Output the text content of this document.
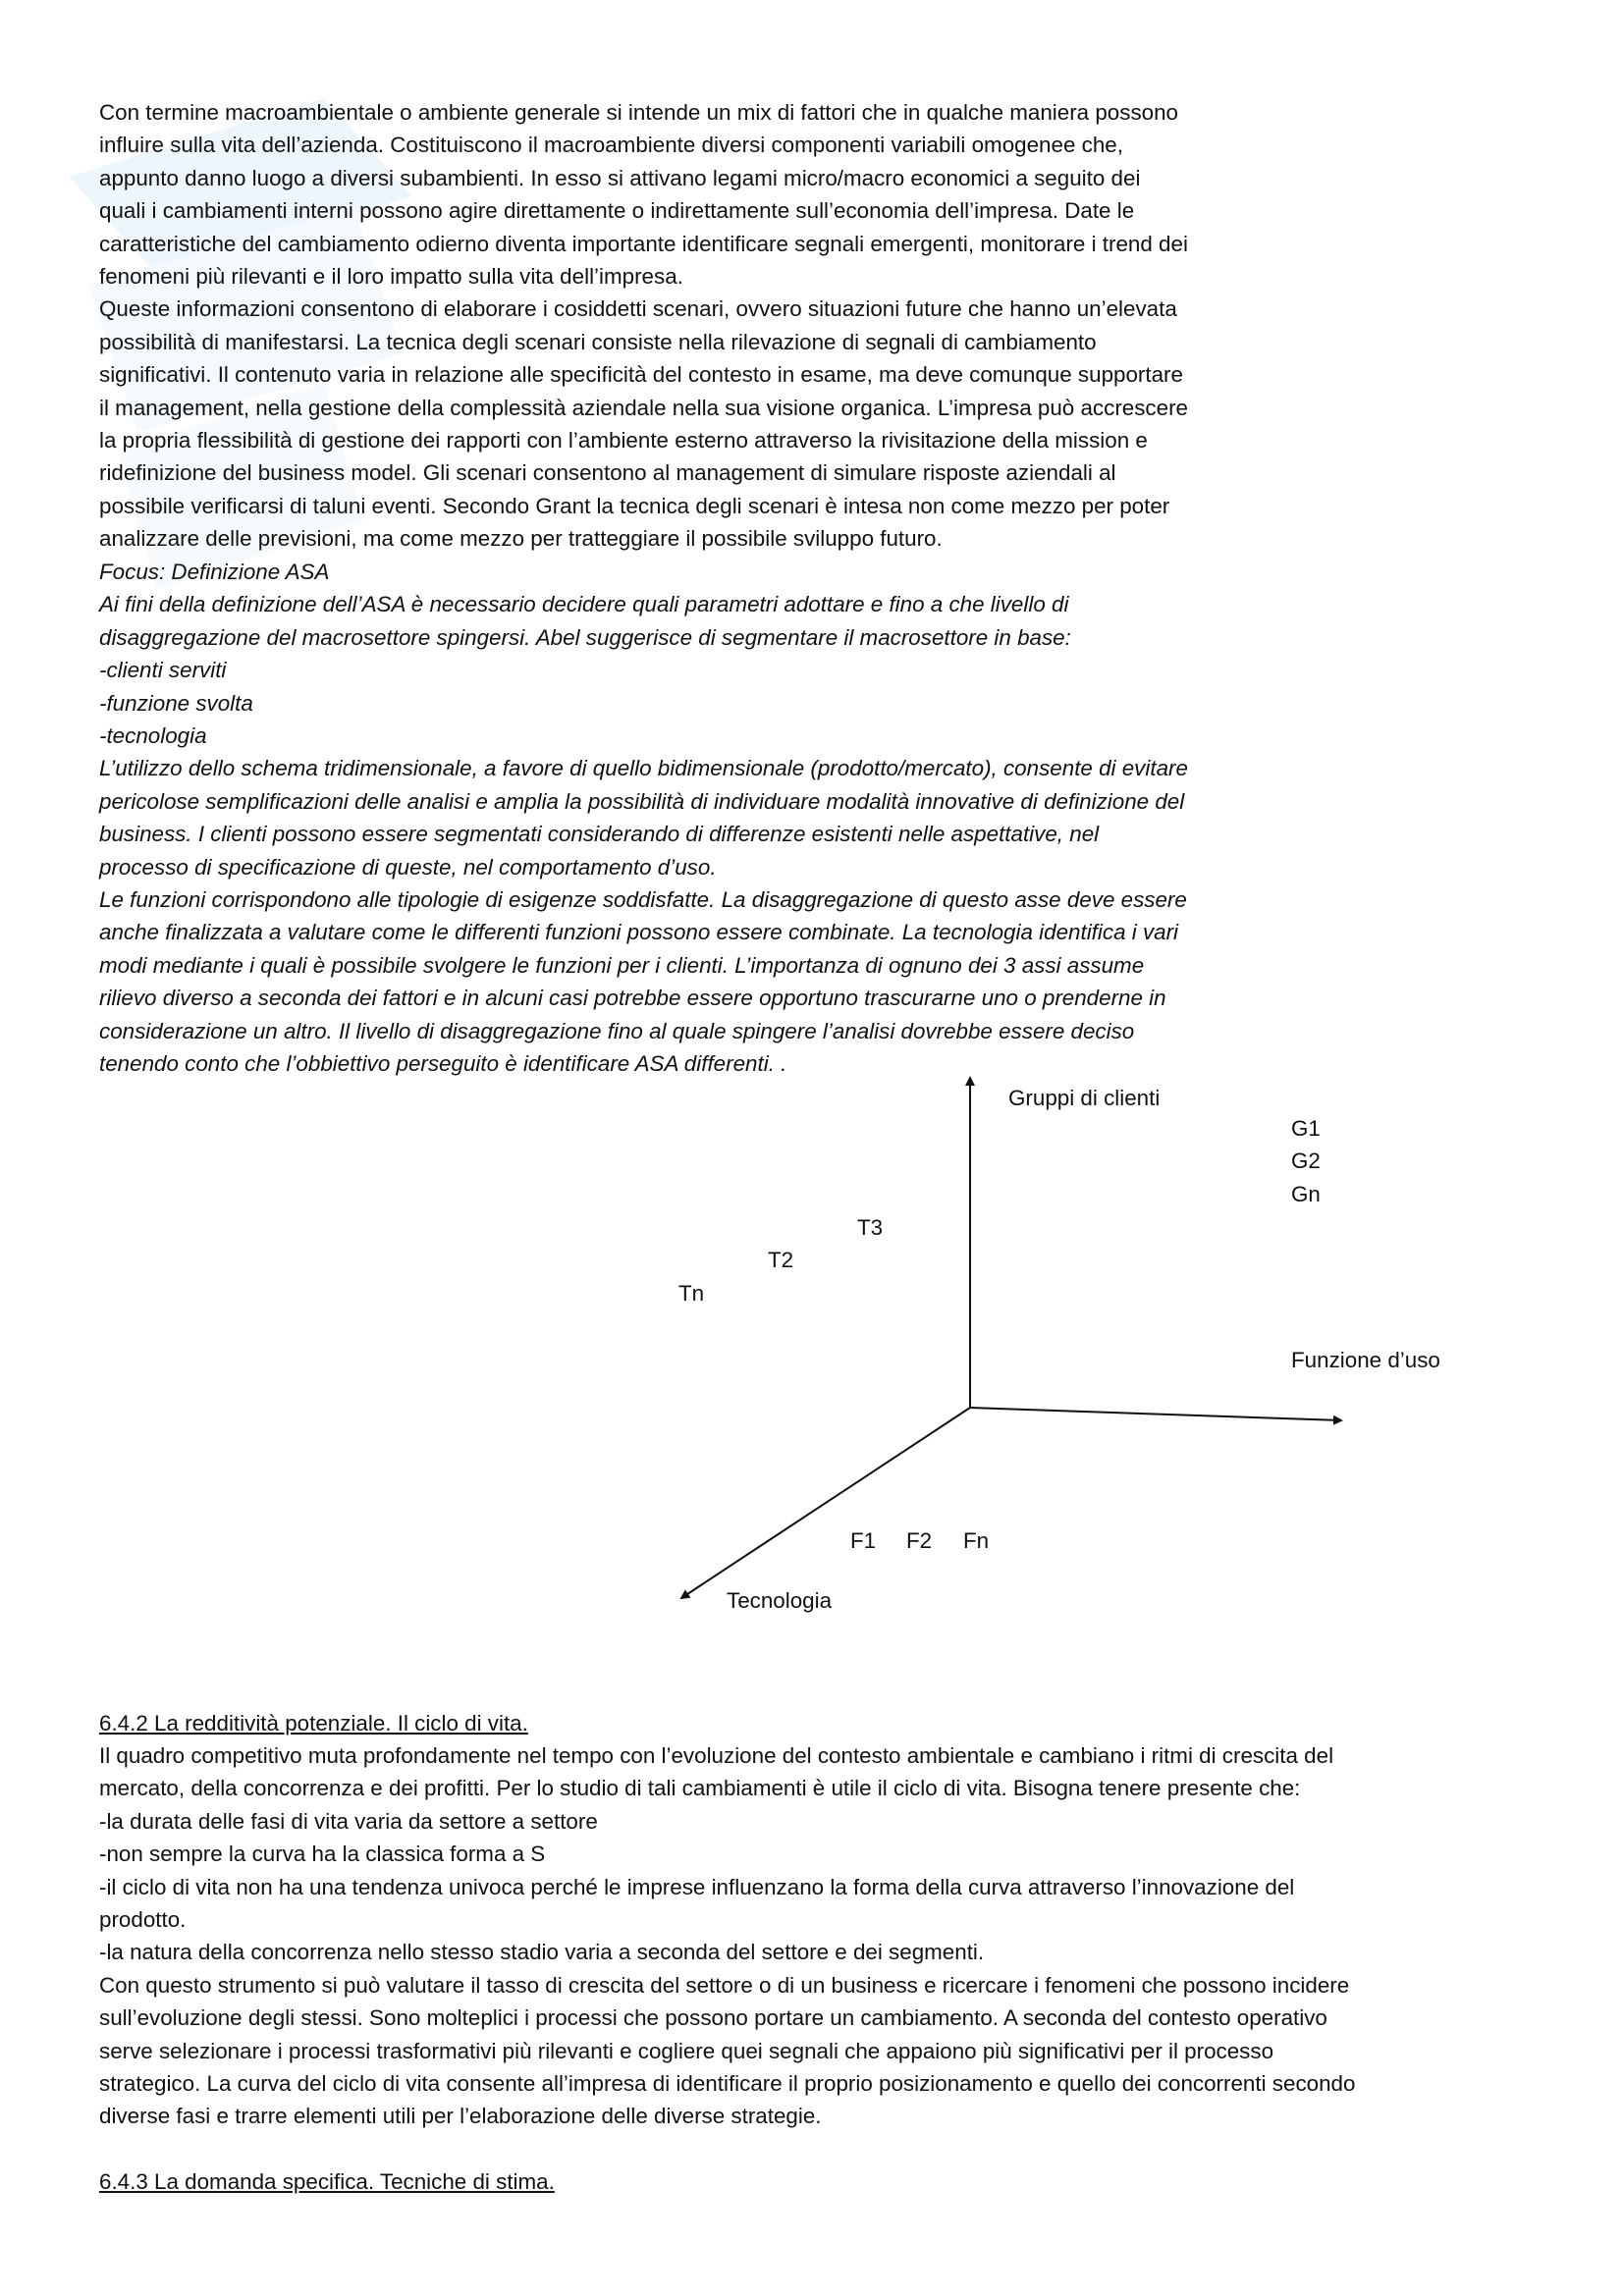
Con termine macroambientale o ambiente generale si intende un mix di fattori che in qualche maniera possono
influire sulla vita dell’azienda. Costituiscono il macroambiente diversi componenti variabili omogenee che,
appunto danno luogo a diversi subambienti. In esso si attivano legami micro/macro economici a seguito dei
quali i cambiamenti interni possono agire direttamente o indirettamente sull’economia dell’impresa. Date le
caratteristiche del cambiamento odierno diventa importante identificare segnali emergenti, monitorare i trend dei
fenomeni più rilevanti e il loro impatto sulla vita dell’impresa.
Queste informazioni consentono di elaborare i cosiddetti scenari, ovvero situazioni future che hanno un’elevata
possibilità di manifestarsi. La tecnica degli scenari consiste nella rilevazione di segnali di cambiamento
significativi. Il contenuto varia in relazione alle specificità del contesto in esame, ma deve comunque supportare
il management, nella gestione della complessità aziendale nella sua visione organica. L’impresa può accrescere
la propria flessibilità di gestione dei rapporti con l’ambiente esterno attraverso la rivisitazione della mission e
ridefinizione del business model. Gli scenari consentono al management di simulare risposte aziendali al
possibile verificarsi di taluni eventi. Secondo Grant la tecnica degli scenari è intesa non come mezzo per poter
analizzare delle previsioni, ma come mezzo per tratteggiare il possibile sviluppo futuro.
Focus: Definizione ASA
Ai fini della definizione dell’ASA è necessario decidere quali parametri adottare e fino a che livello di
disaggregazione del macrosettore spingersi. Abel suggerisce di segmentare il macrosettore in base:
-clienti serviti
-funzione svolta
-tecnologia
L’utilizzo dello schema tridimensionale, a favore di quello bidimensionale (prodotto/mercato), consente di evitare
pericolose semplificazioni delle analisi e amplia la possibilità di individuare modalità innovative di definizione del
business. I clienti possono essere segmentati considerando di differenze esistenti nelle aspettative, nel
processo di specificazione di queste, nel comportamento d’uso.
Le funzioni corrispondono alle tipologie di esigenze soddisfatte. La disaggregazione di questo asse deve essere
anche finalizzata a valutare come le differenti funzioni possono essere combinate. La tecnologia identifica i vari
modi mediante i quali è possibile svolgere le funzioni per i clienti. L’importanza di ognuno dei 3 assi assume
rilievo diverso a seconda dei fattori e in alcuni casi potrebbe essere opportuno trascurarne uno o prenderne in
considerazione un altro. Il livello di disaggregazione fino al quale spingere l’analisi dovrebbe essere deciso
tenendo conto che l’obbiettivo perseguito è identificare ASA differenti. .
Gruppi di clienti
Funzione d’uso
Tecnologia
G1
G2
Gn
T3
T2
Tn
F1 F2 Fn
6.4.2 La redditività potenziale. Il ciclo di vita.
Il quadro competitivo muta profondamente nel tempo con l’evoluzione del contesto ambientale e cambiano i ritmi di crescita del
mercato, della concorrenza e dei profitti. Per lo studio di tali cambiamenti è utile il ciclo di vita. Bisogna tenere presente che:
-la durata delle fasi di vita varia da settore a settore
-non sempre la curva ha la classica forma a S
-il ciclo di vita non ha una tendenza univoca perché le imprese influenzano la forma della curva attraverso l’innovazione del
prodotto.
-la natura della concorrenza nello stesso stadio varia a seconda del settore e dei segmenti.
Con questo strumento si può valutare il tasso di crescita del settore o di un business e ricercare i fenomeni che possono incidere
sull’evoluzione degli stessi. Sono molteplici i processi che possono portare un cambiamento. A seconda del contesto operativo
serve selezionare i processi trasformativi più rilevanti e cogliere quei segnali che appaiono più significativi per il processo
strategico. La curva del ciclo di vita consente all’impresa di identificare il proprio posizionamento e quello dei concorrenti secondo
diverse fasi e trarre elementi utili per l’elaborazione delle diverse strategie.
6.4.3 La domanda specifica. Tecniche di stima.
